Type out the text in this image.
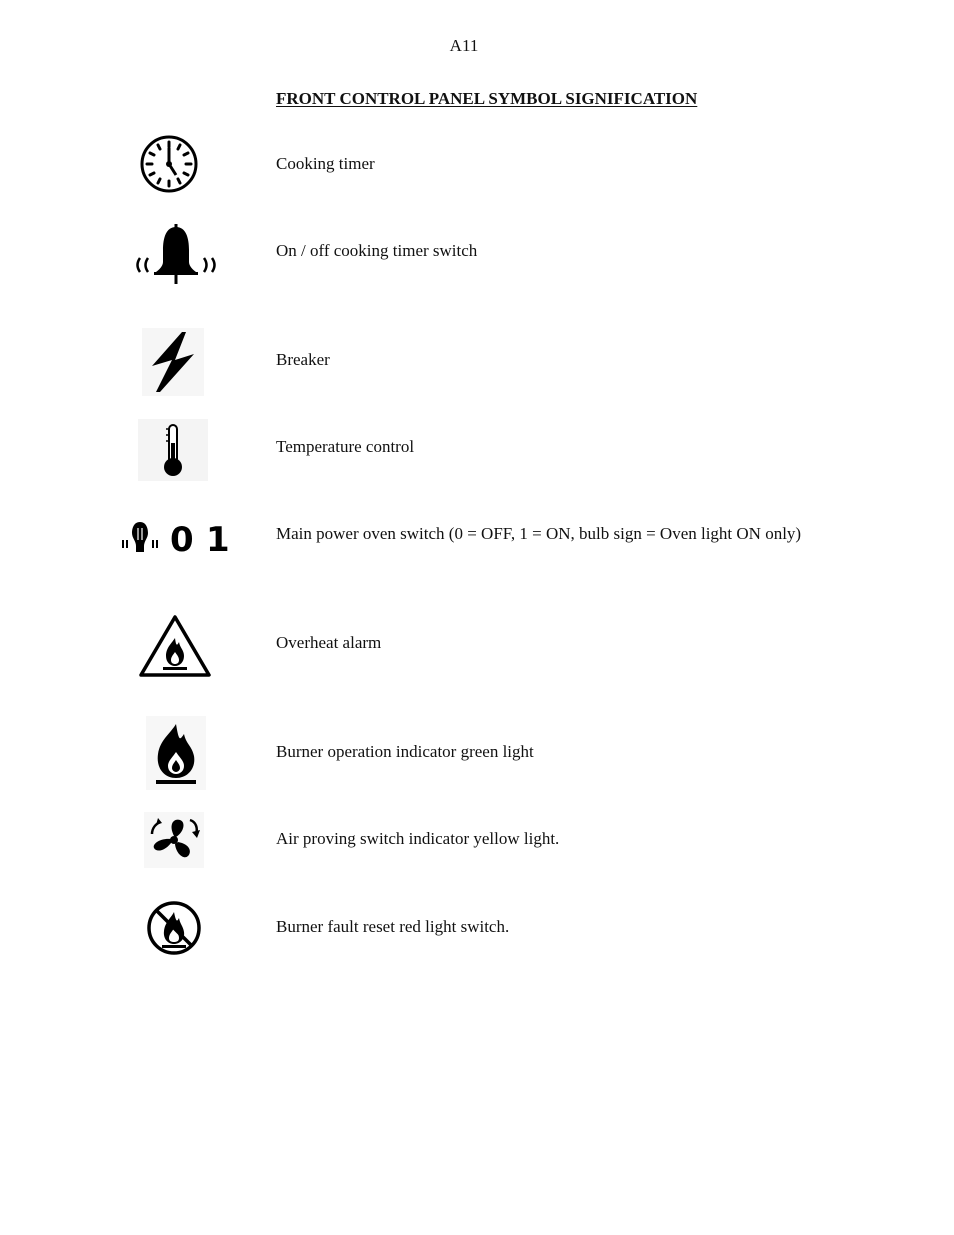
A11
FRONT CONTROL PANEL SYMBOL SIGNIFICATION
Cooking timer
On / off cooking timer switch
Breaker
Temperature control
0 1	Main power oven switch (0 = OFF, 1 = ON, bulb sign = Oven light ON only)
Overheat alarm
Burner operation indicator green light
Air proving switch indicator yellow light.
Burner fault reset red light switch.
